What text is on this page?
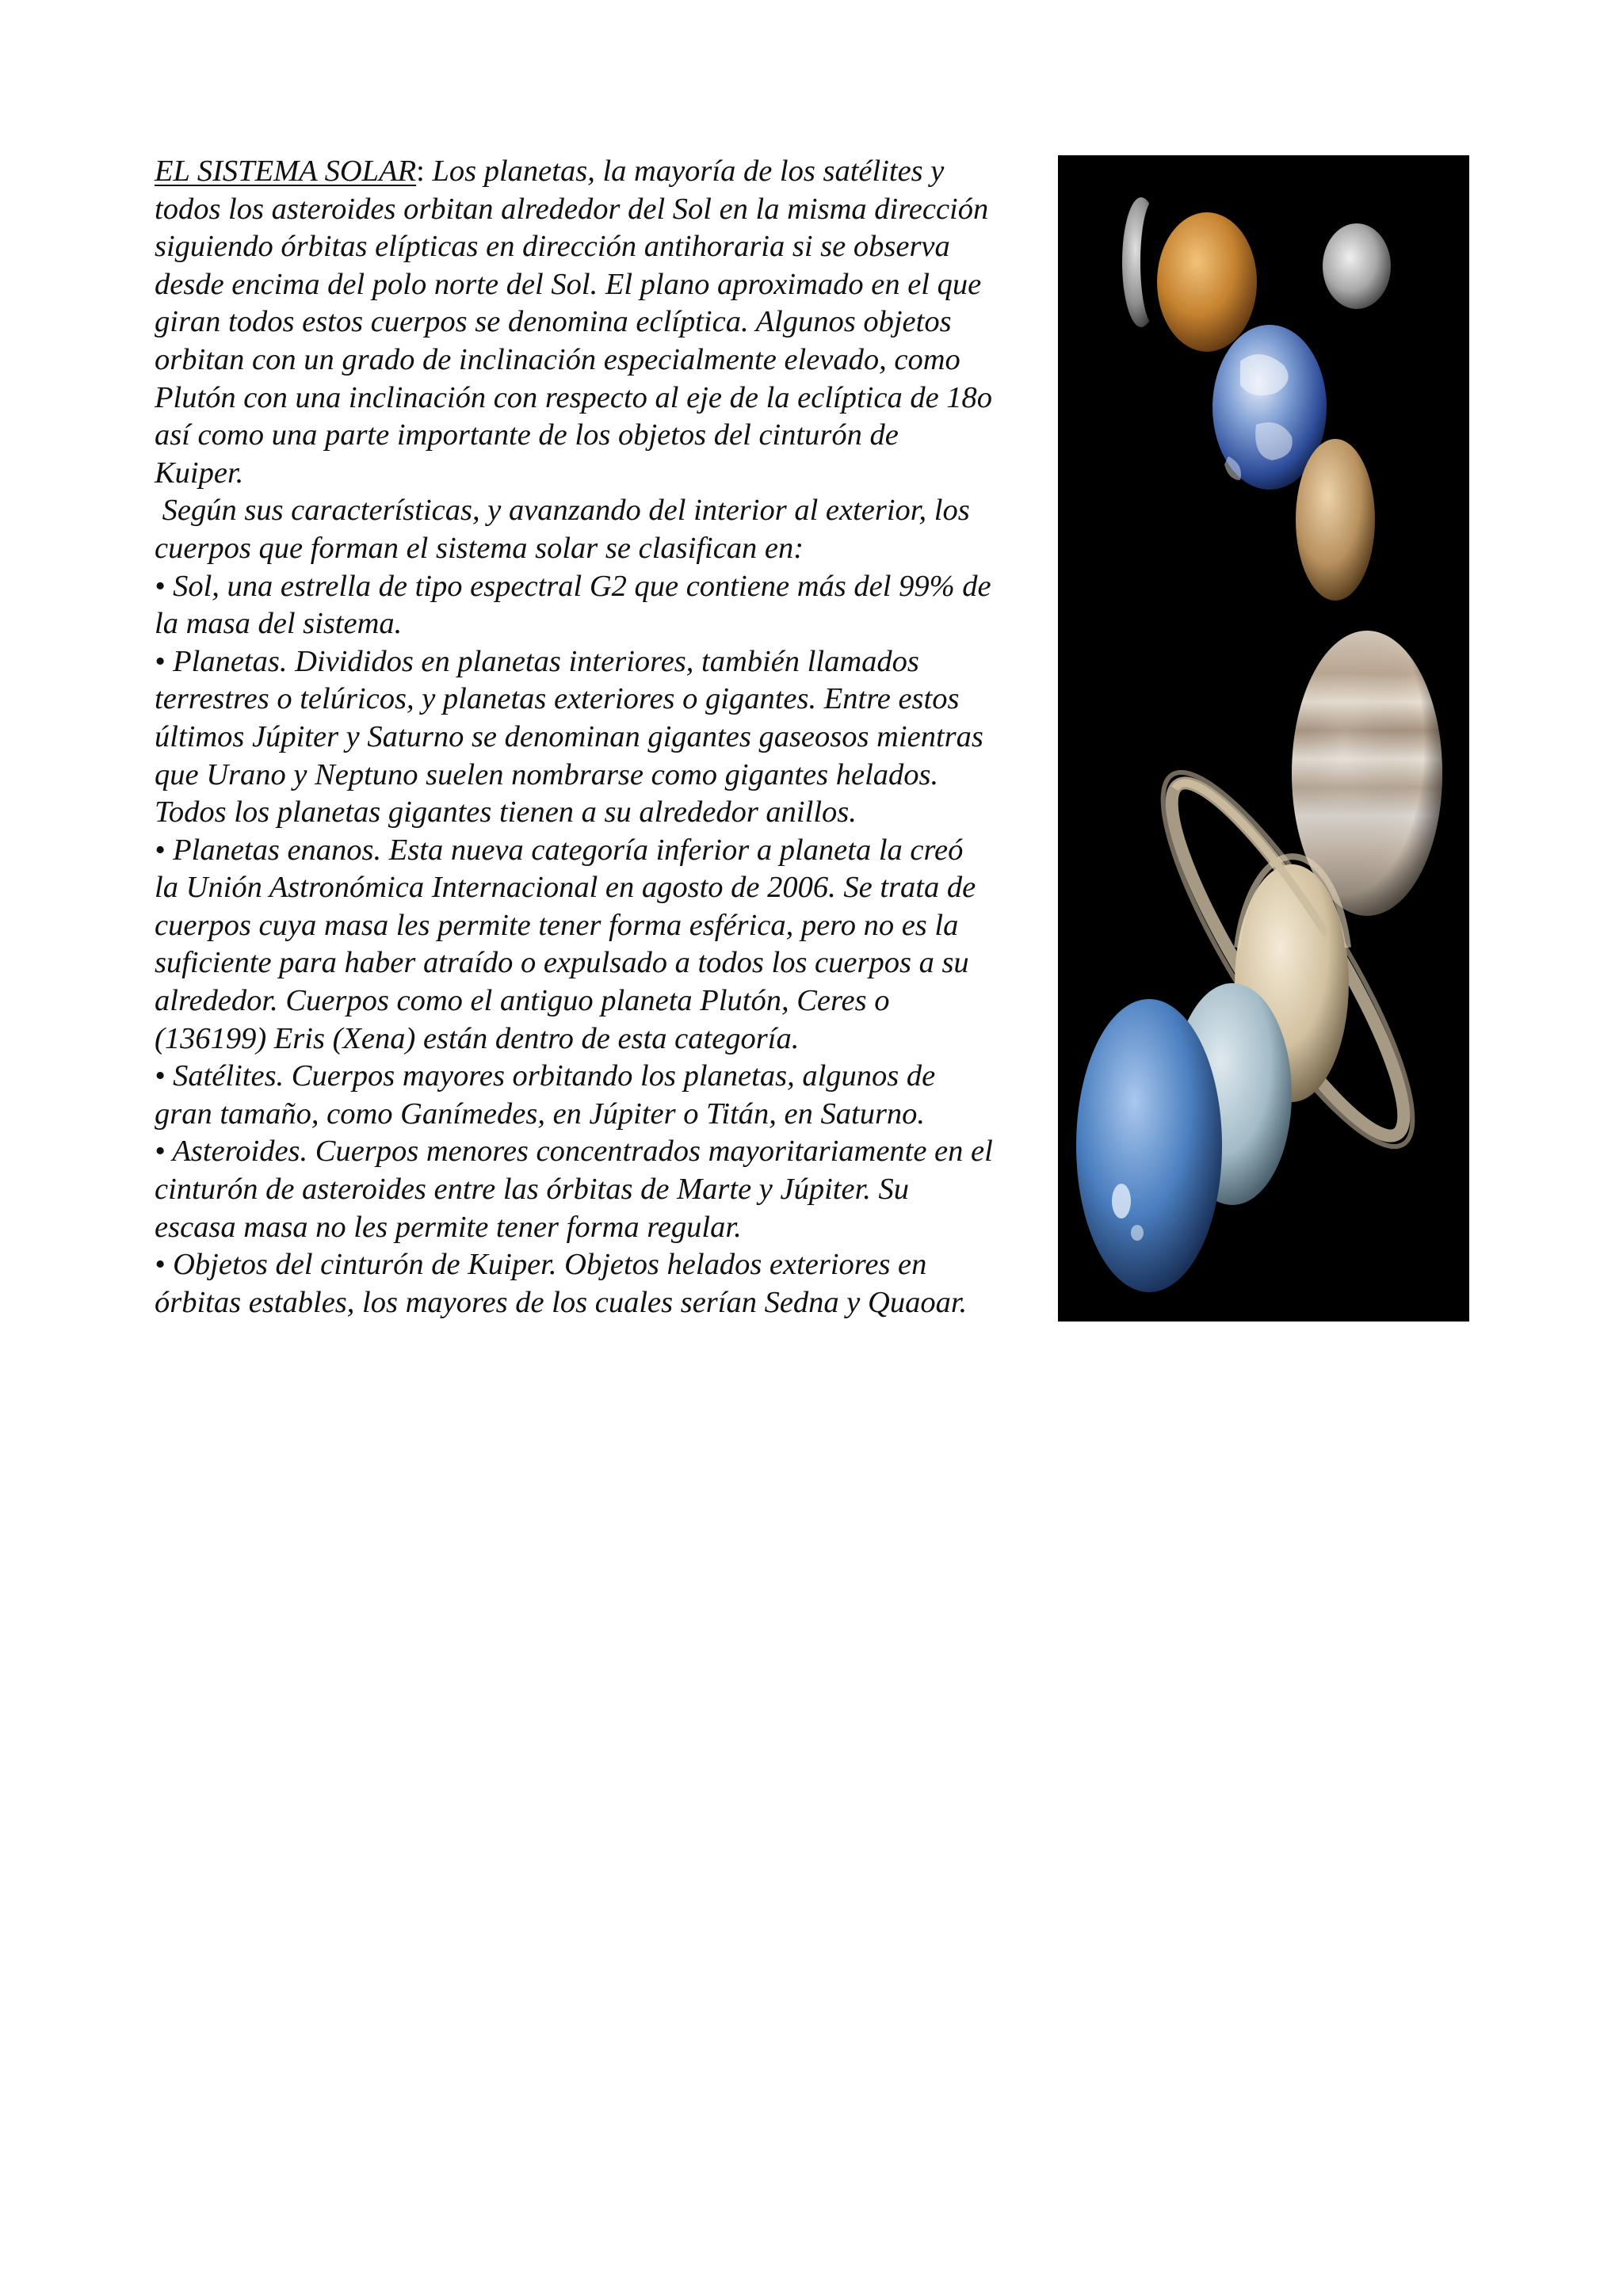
EL SISTEMA SOLAR: Los planetas, la mayoría de los satélites y
todos los asteroides orbitan alrededor del Sol en la misma dirección
siguiendo órbitas elípticas en dirección antihoraria si se observa
desde encima del polo norte del Sol. El plano aproximado en el que
giran todos estos cuerpos se denomina eclíptica. Algunos objetos
orbitan con un grado de inclinación especialmente elevado, como
Plutón con una inclinación con respecto al eje de la eclíptica de 18o
así como una parte importante de los objetos del cinturón de
Kuiper.
Según sus características, y avanzando del interior al exterior, los
cuerpos que forman el sistema solar se clasifican en:
• Sol, una estrella de tipo espectral G2 que contiene más del 99% de
la masa del sistema.
• Planetas. Divididos en planetas interiores, también llamados
terrestres o telúricos, y planetas exteriores o gigantes. Entre estos
últimos Júpiter y Saturno se denominan gigantes gaseosos mientras
que Urano y Neptuno suelen nombrarse como gigantes helados.
Todos los planetas gigantes tienen a su alrededor anillos.
• Planetas enanos. Esta nueva categoría inferior a planeta la creó
la Unión Astronómica Internacional en agosto de 2006. Se trata de
cuerpos cuya masa les permite tener forma esférica, pero no es la
suficiente para haber atraído o expulsado a todos los cuerpos a su
alrededor. Cuerpos como el antiguo planeta Plutón, Ceres o
(136199) Eris (Xena) están dentro de esta categoría.
• Satélites. Cuerpos mayores orbitando los planetas, algunos de
gran tamaño, como Ganímedes, en Júpiter o Titán, en Saturno.
• Asteroides. Cuerpos menores concentrados mayoritariamente en el
cinturón de asteroides entre las órbitas de Marte y Júpiter. Su
escasa masa no les permite tener forma regular.
• Objetos del cinturón de Kuiper. Objetos helados exteriores en
órbitas estables, los mayores de los cuales serían Sedna y Quaoar.
